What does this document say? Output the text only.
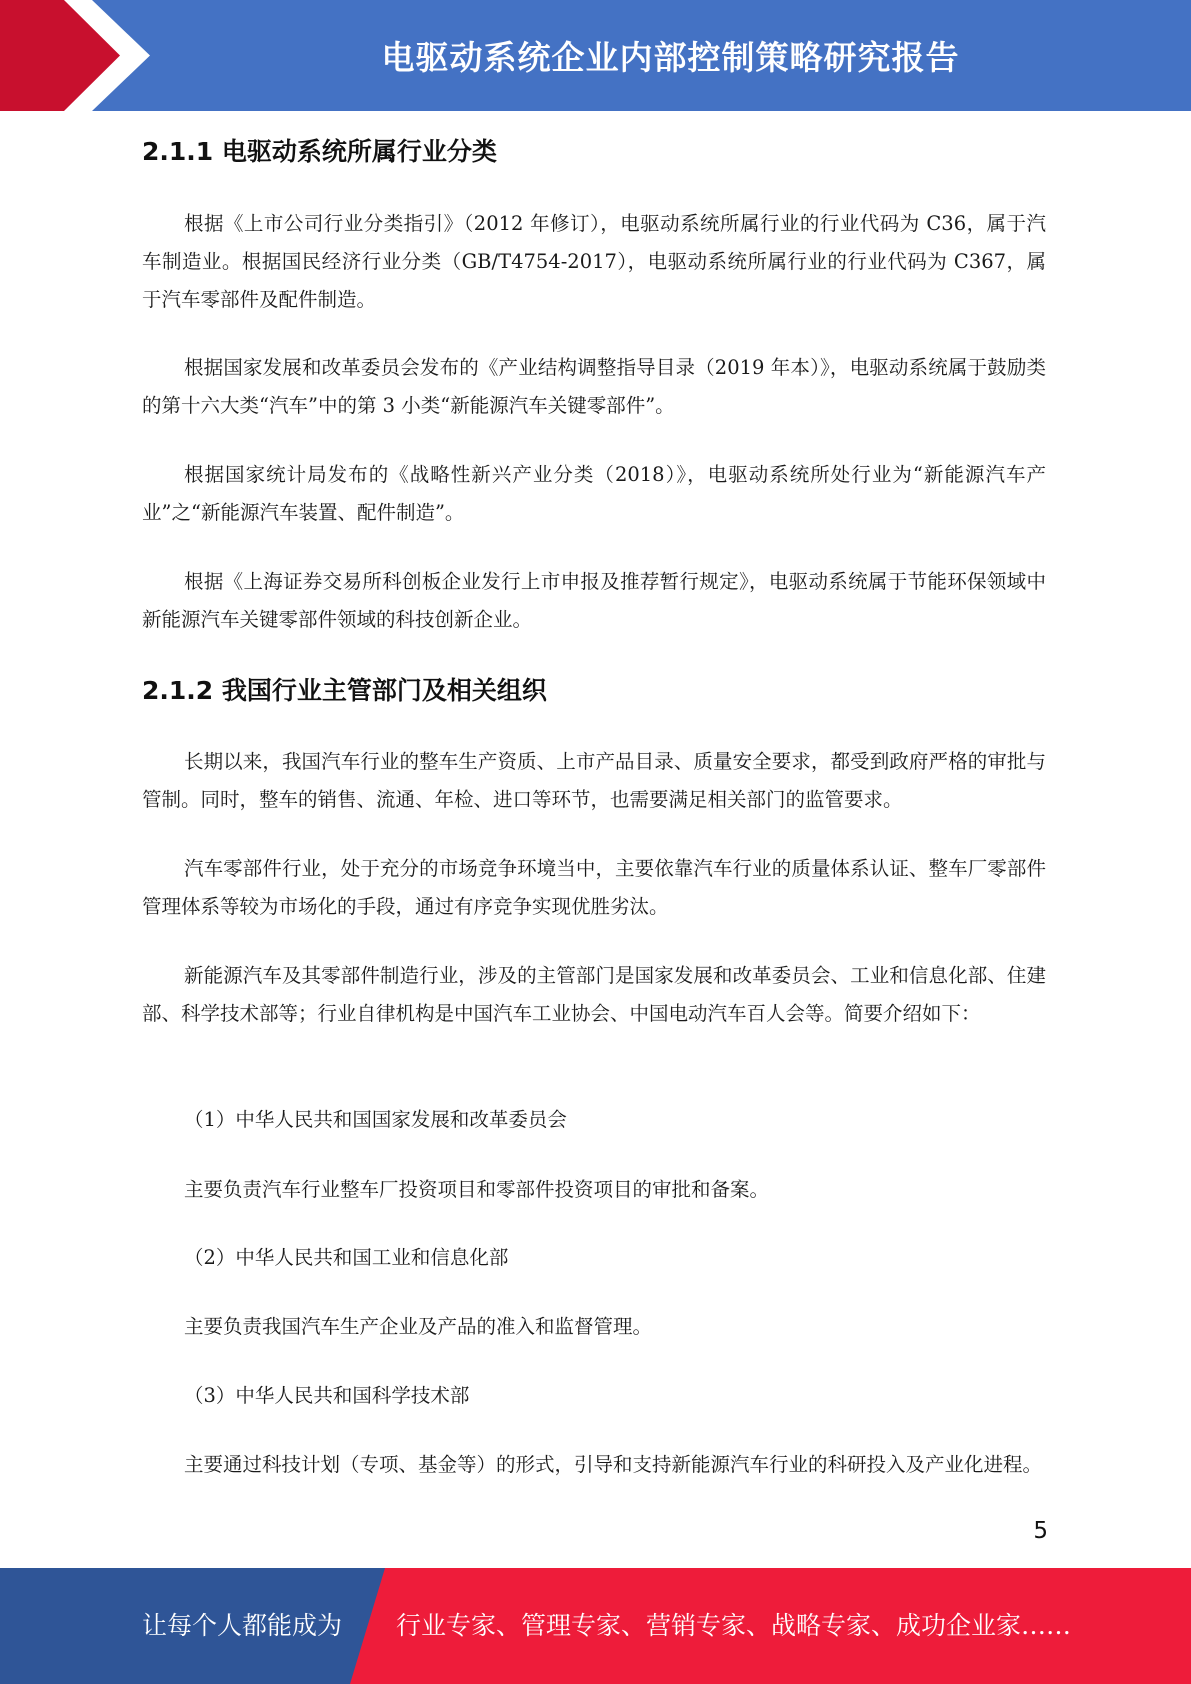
电驱动系统企业内部控制策略研究报告
2.1.1 电驱动系统所属行业分类

根据《上市公司行业分类指引》（2012 年修订），电驱动系统所属行业的行业代码为 C36，属于汽车制造业。根据国民经济行业分类（GB/T4754-2017），电驱动系统所属行业的行业代码为 C367，属于汽车零部件及配件制造。

根据国家发展和改革委员会发布的《产业结构调整指导目录（2019 年本）》，电驱动系统属于鼓励类的第十六大类“汽车”中的第 3 小类“新能源汽车关键零部件”。

根据国家统计局发布的《战略性新兴产业分类（2018）》，电驱动系统所处行业为“新能源汽车产业”之“新能源汽车装置、配件制造”。

根据《上海证券交易所科创板企业发行上市申报及推荐暂行规定》，电驱动系统属于节能环保领域中新能源汽车关键零部件领域的科技创新企业。

2.1.2 我国行业主管部门及相关组织

长期以来，我国汽车行业的整车生产资质、上市产品目录、质量安全要求，都受到政府严格的审批与管制。同时，整车的销售、流通、年检、进口等环节，也需要满足相关部门的监管要求。

汽车零部件行业，处于充分的市场竞争环境当中，主要依靠汽车行业的质量体系认证、整车厂零部件管理体系等较为市场化的手段，通过有序竞争实现优胜劣汰。

新能源汽车及其零部件制造行业，涉及的主管部门是国家发展和改革委员会、工业和信息化部、住建部、科学技术部等；行业自律机构是中国汽车工业协会、中国电动汽车百人会等。简要介绍如下：

（1）中华人民共和国国家发展和改革委员会

主要负责汽车行业整车厂投资项目和零部件投资项目的审批和备案。

（2）中华人民共和国工业和信息化部

主要负责我国汽车生产企业及产品的准入和监督管理。

（3）中华人民共和国科学技术部

主要通过科技计划（专项、基金等）的形式，引导和支持新能源汽车行业的科研投入及产业化进程。

5
让每个人都能成为 行业专家、管理专家、营销专家、战略专家、成功企业家……
